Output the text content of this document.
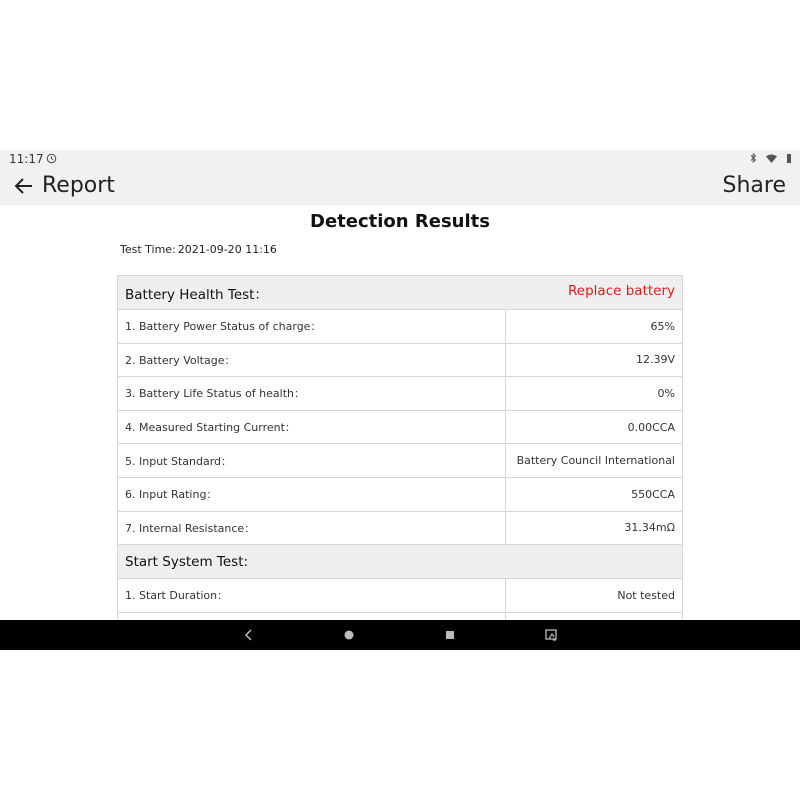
11:17
Report	Share
Detection Results
Test Time: 2021-09-20 11:16
Battery Health Test： Replace battery	

1. Battery Power Status of charge：	65%
2. Battery Voltage：	12.39V
3. Battery Life Status of health：	0%
4. Measured Starting Current：	0.00CCA
5. Input Standard：	Battery Council International
6. Input Rating：	550CCA
7. Internal Resistance：	31.34mΩ
Start System Test:	
1. Start Duration：	Not tested
